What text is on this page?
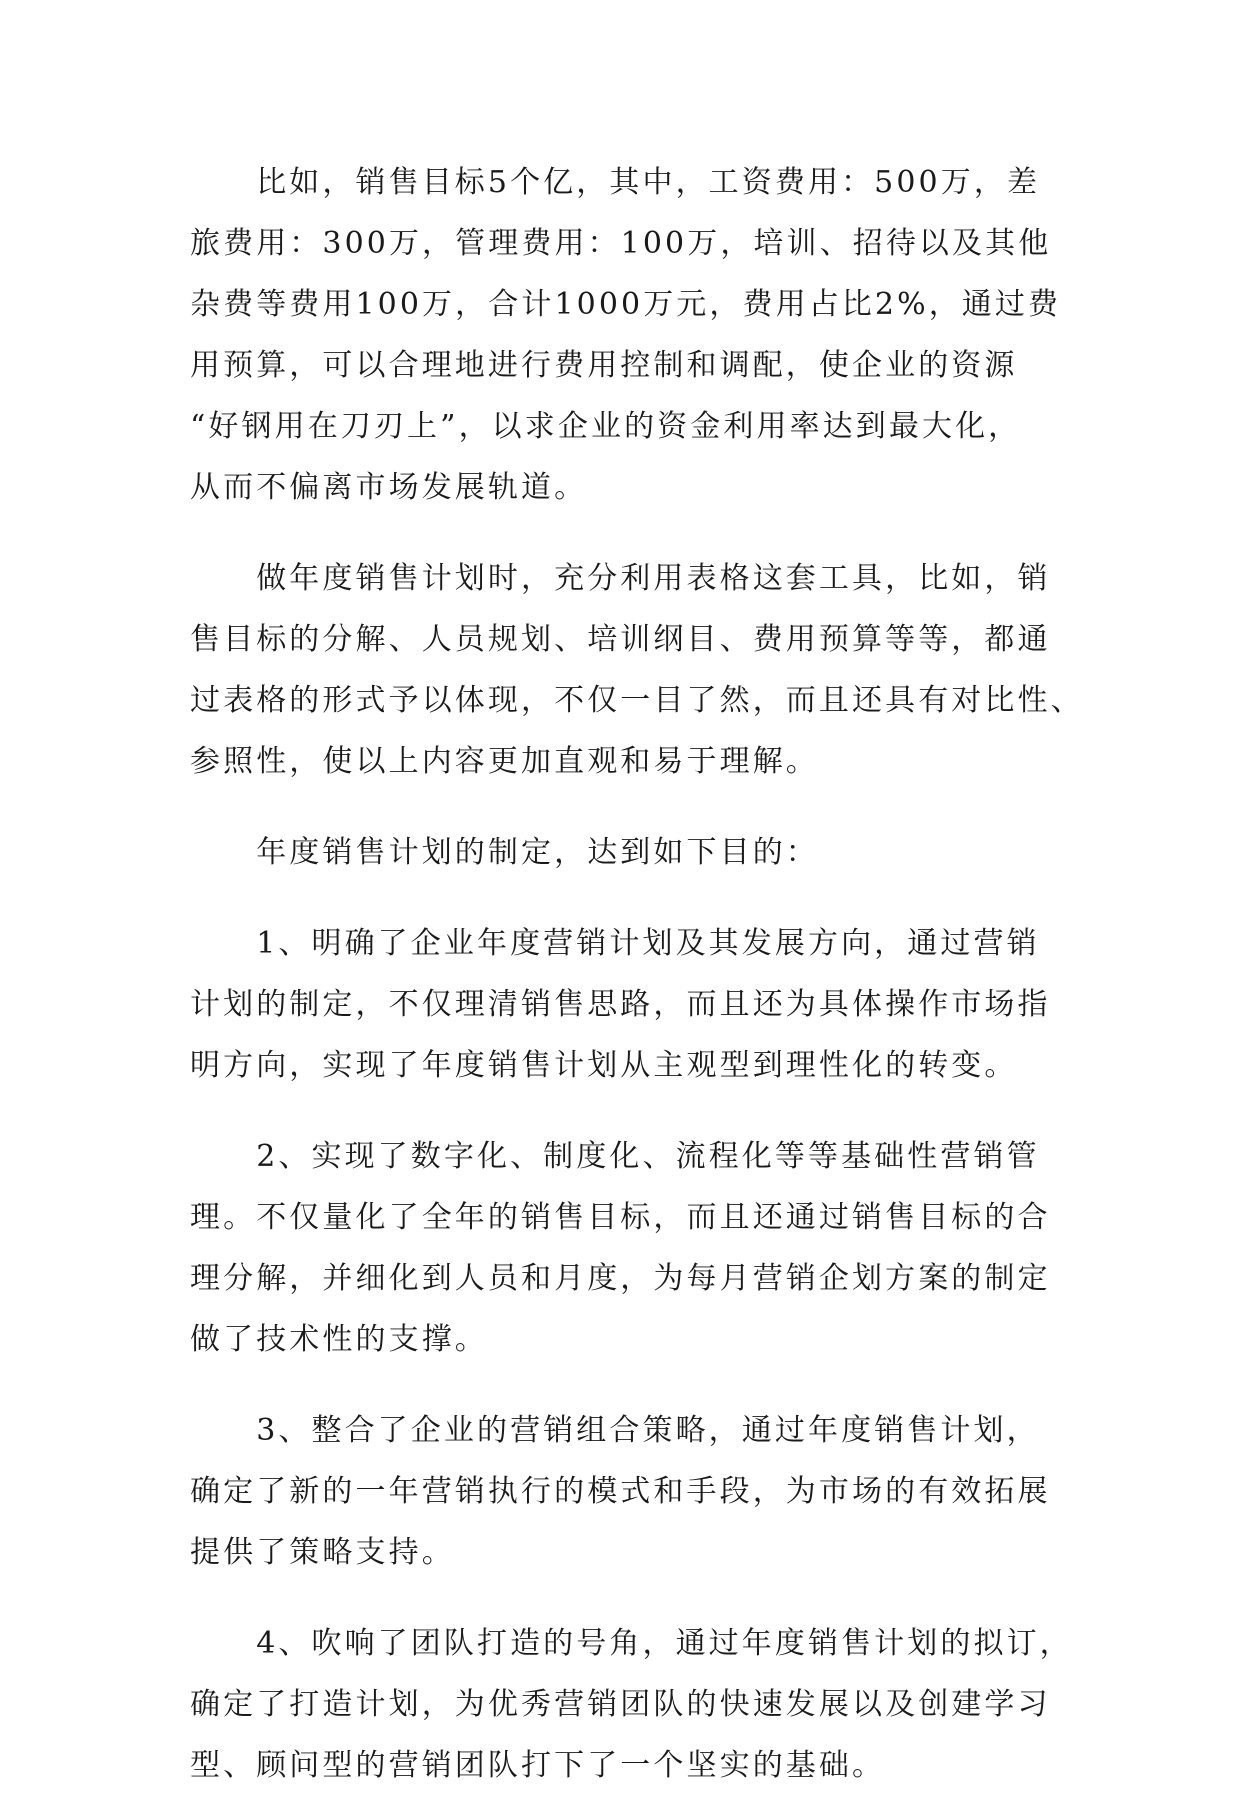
　　比如，销售目标5个亿，其中，工资费用：500万，差
旅费用：300万，管理费用：100万，培训、招待以及其他
杂费等费用100万，合计1000万元，费用占比2%，通过费
用预算，可以合理地进行费用控制和调配，使企业的资源
“好钢用在刀刃上”，以求企业的资金利用率达到最大化，
从而不偏离市场发展轨道。
　　做年度销售计划时，充分利用表格这套工具，比如，销
售目标的分解、人员规划、培训纲目、费用预算等等，都通
过表格的形式予以体现，不仅一目了然，而且还具有对比性、
参照性，使以上内容更加直观和易于理解。
　　年度销售计划的制定，达到如下目的：
　　1、明确了企业年度营销计划及其发展方向，通过营销
计划的制定，不仅理清销售思路，而且还为具体操作市场指
明方向，实现了年度销售计划从主观型到理性化的转变。
　　2、实现了数字化、制度化、流程化等等基础性营销管
理。不仅量化了全年的销售目标，而且还通过销售目标的合
理分解，并细化到人员和月度，为每月营销企划方案的制定
做了技术性的支撑。
　　3、整合了企业的营销组合策略，通过年度销售计划，
确定了新的一年营销执行的模式和手段，为市场的有效拓展
提供了策略支持。
　　4、吹响了团队打造的号角，通过年度销售计划的拟订，
确定了打造计划，为优秀营销团队的快速发展以及创建学习
型、顾问型的营销团队打下了一个坚实的基础。
